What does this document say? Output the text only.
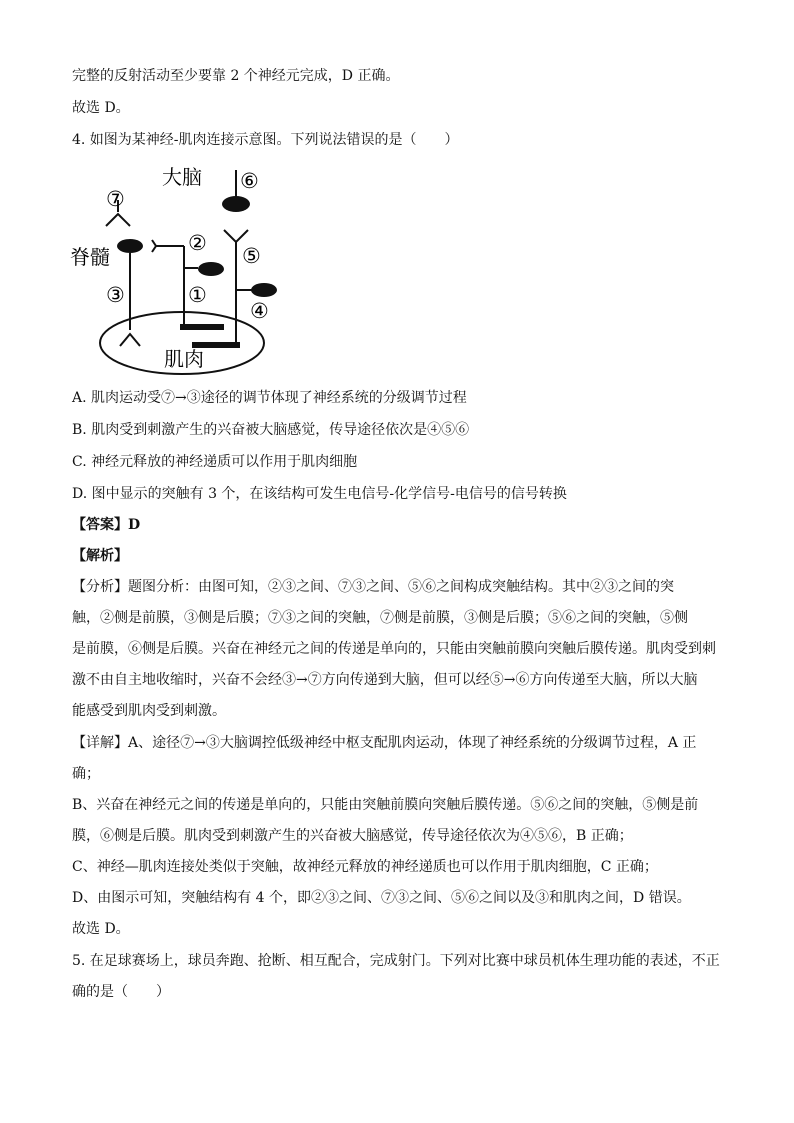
完整的反射活动至少要靠 2 个神经元完成，D 正确。
故选 D。
4. 如图为某神经-肌肉连接示意图。下列说法错误的是（　　）
大脑
脊髓
肌肉
⑦
②
③	①
⑥
⑤
④
A. 肌肉运动受⑦→③途径的调节体现了神经系统的分级调节过程
B. 肌肉受到刺激产生的兴奋被大脑感觉，传导途径依次是④⑤⑥
C. 神经元释放的神经递质可以作用于肌肉细胞
D. 图中显示的突触有 3 个，在该结构可发生电信号-化学信号-电信号的信号转换
【答案】D
【解析】
【分析】题图分析：由图可知，②③之间、⑦③之间、⑤⑥之间构成突触结构。其中②③之间的突
触，②侧是前膜，③侧是后膜；⑦③之间的突触，⑦侧是前膜，③侧是后膜；⑤⑥之间的突触，⑤侧
是前膜，⑥侧是后膜。兴奋在神经元之间的传递是单向的，只能由突触前膜向突触后膜传递。肌肉受到刺
激不由自主地收缩时，兴奋不会经③→⑦方向传递到大脑，但可以经⑤→⑥方向传递至大脑，所以大脑
能感受到肌肉受到刺激。
【详解】A、途径⑦→③大脑调控低级神经中枢支配肌肉运动，体现了神经系统的分级调节过程，A 正
确；
B、兴奋在神经元之间的传递是单向的，只能由突触前膜向突触后膜传递。⑤⑥之间的突触，⑤侧是前
膜，⑥侧是后膜。肌肉受到刺激产生的兴奋被大脑感觉，传导途径依次为④⑤⑥，B 正确；
C、神经—肌肉连接处类似于突触，故神经元释放的神经递质也可以作用于肌肉细胞，C 正确；
D、由图示可知，突触结构有 4 个，即②③之间、⑦③之间、⑤⑥之间以及③和肌肉之间，D 错误。
故选 D。
5. 在足球赛场上，球员奔跑、抢断、相互配合，完成射门。下列对比赛中球员机体生理功能的表述，不正
确的是（　　）
